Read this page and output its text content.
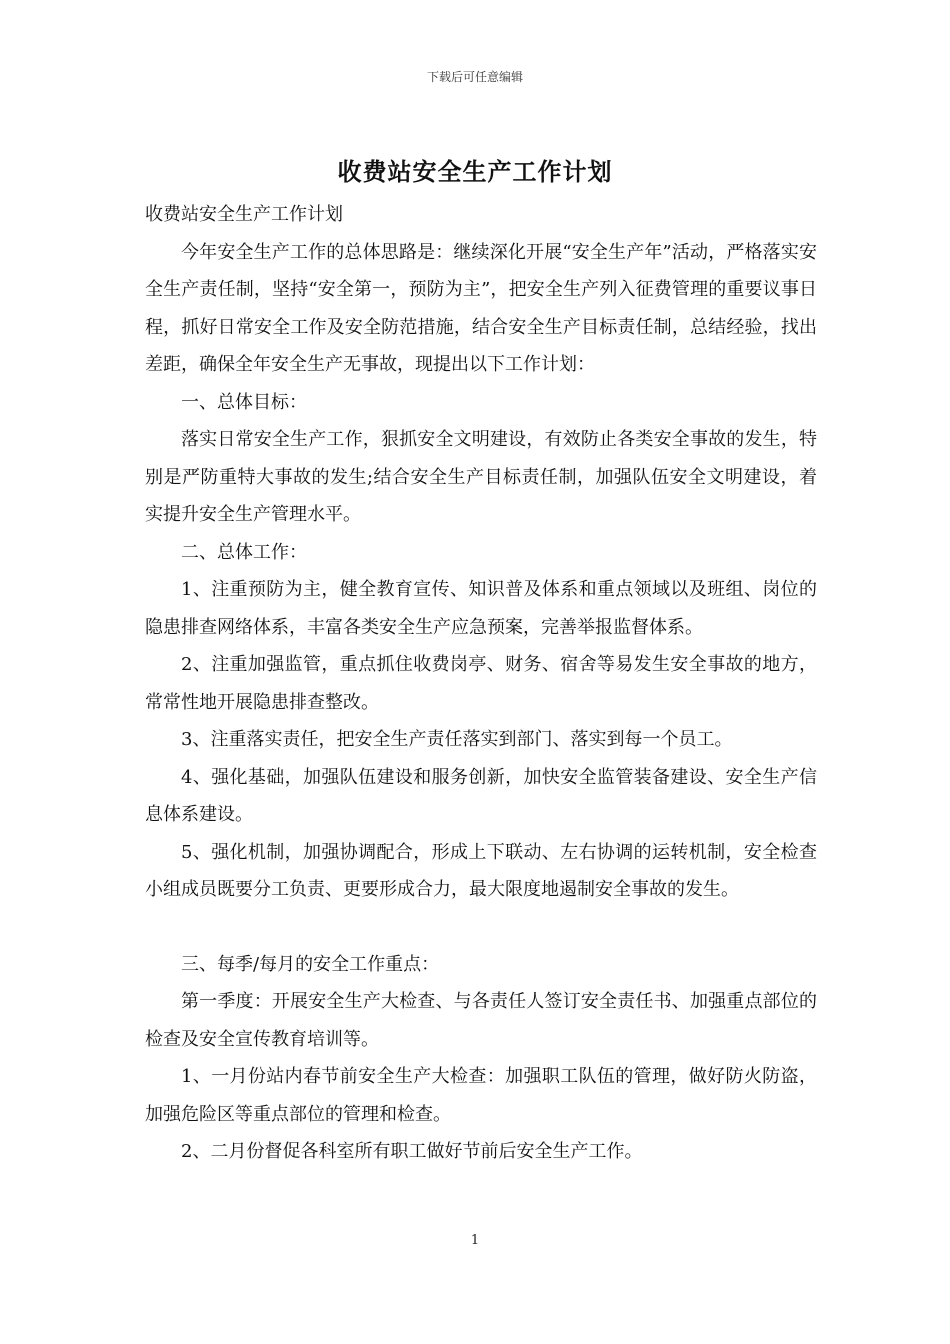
下载后可任意编辑
收费站安全生产工作计划

收费站安全生产工作计划

今年安全生产工作的总体思路是：继续深化开展“安全生产年”活动，严格落实安全生产责任制，坚持“安全第一，预防为主”，把安全生产列入征费管理的重要议事日程，抓好日常安全工作及安全防范措施，结合安全生产目标责任制，总结经验，找出差距，确保全年安全生产无事故，现提出以下工作计划：

一、总体目标：

落实日常安全生产工作，狠抓安全文明建设，有效防止各类安全事故的发生，特别是严防重特大事故的发生;结合安全生产目标责任制，加强队伍安全文明建设，着实提升安全生产管理水平。

二、总体工作：

1、注重预防为主，健全教育宣传、知识普及体系和重点领域以及班组、岗位的隐患排查网络体系，丰富各类安全生产应急预案，完善举报监督体系。

2、注重加强监管，重点抓住收费岗亭、财务、宿舍等易发生安全事故的地方，常常性地开展隐患排查整改。

3、注重落实责任，把安全生产责任落实到部门、落实到每一个员工。

4、强化基础，加强队伍建设和服务创新，加快安全监管装备建设、安全生产信息体系建设。

5、强化机制，加强协调配合，形成上下联动、左右协调的运转机制，安全检查小组成员既要分工负责、更要形成合力，最大限度地遏制安全事故的发生。

三、每季/每月的安全工作重点：

第一季度：开展安全生产大检查、与各责任人签订安全责任书、加强重点部位的检查及安全宣传教育培训等。

1、一月份站内春节前安全生产大检查：加强职工队伍的管理，做好防火防盗，加强危险区等重点部位的管理和检查。

2、二月份督促各科室所有职工做好节前后安全生产工作。

1
